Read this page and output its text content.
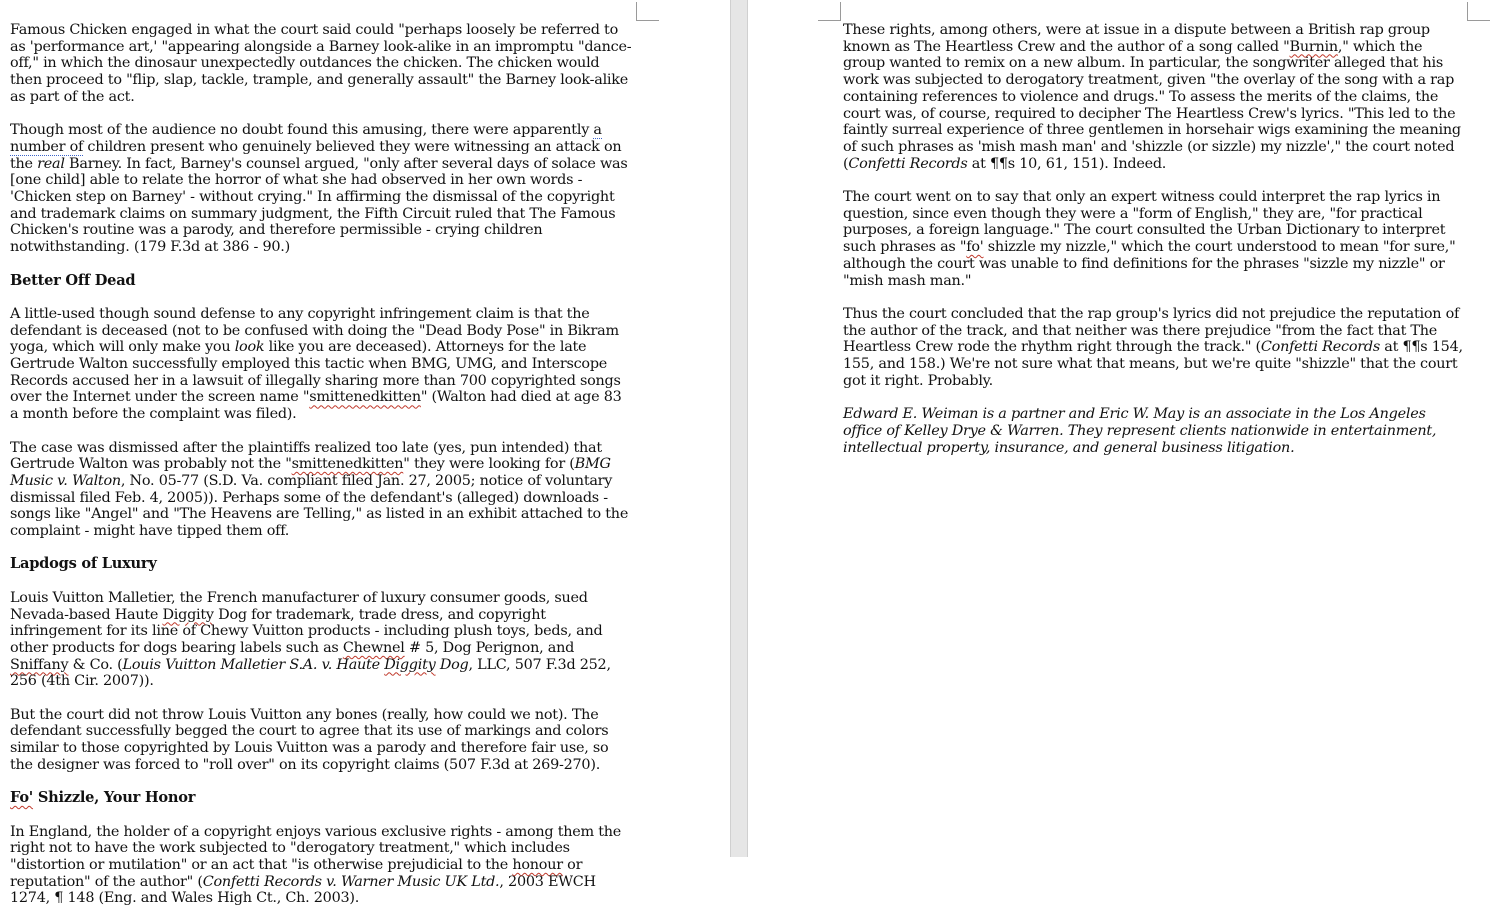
Famous Chicken engaged in what the court said could "perhaps loosely be referred to as 'performance art,' "appearing alongside a Barney look-alike in an impromptu "dance-off," in which the dinosaur unexpectedly outdances the chicken. The chicken would then proceed to "flip, slap, tackle, trample, and generally assault" the Barney look-alike as part of the act.

Though most of the audience no doubt found this amusing, there were apparently a number of children present who genuinely believed they were witnessing an attack on the real Barney. In fact, Barney's counsel argued, "only after several days of solace was [one child] able to relate the horror of what she had observed in her own words - 'Chicken step on Barney' - without crying." In affirming the dismissal of the copyright and trademark claims on summary judgment, the Fifth Circuit ruled that The Famous Chicken's routine was a parody, and therefore permissible - crying children notwithstanding. (179 F.3d at 386 - 90.)

Better Off Dead

A little-used though sound defense to any copyright infringement claim is that the defendant is deceased (not to be confused with doing the "Dead Body Pose" in Bikram yoga, which will only make you look like you are deceased). Attorneys for the late Gertrude Walton successfully employed this tactic when BMG, UMG, and Interscope Records accused her in a lawsuit of illegally sharing more than 700 copyrighted songs over the Internet under the screen name "smittenedkitten" (Walton had died at age 83 a month before the complaint was filed).

The case was dismissed after the plaintiffs realized too late (yes, pun intended) that Gertrude Walton was probably not the "smittenedkitten" they were looking for (BMG Music v. Walton, No. 05-77 (S.D. Va. compliant filed Jan. 27, 2005; notice of voluntary dismissal filed Feb. 4, 2005)). Perhaps some of the defendant's (alleged) downloads - songs like "Angel" and "The Heavens are Telling," as listed in an exhibit attached to the complaint - might have tipped them off.

Lapdogs of Luxury

Louis Vuitton Malletier, the French manufacturer of luxury consumer goods, sued Nevada-based Haute Diggity Dog for trademark, trade dress, and copyright infringement for its line of Chewy Vuitton products - including plush toys, beds, and other products for dogs bearing labels such as Chewnel # 5, Dog Perignon, and Sniffany & Co. (Louis Vuitton Malletier S.A. v. Haute Diggity Dog, LLC, 507 F.3d 252, 256 (4th Cir. 2007)).

But the court did not throw Louis Vuitton any bones (really, how could we not). The defendant successfully begged the court to agree that its use of markings and colors similar to those copyrighted by Louis Vuitton was a parody and therefore fair use, so the designer was forced to "roll over" on its copyright claims (507 F.3d at 269-270).

Fo' Shizzle, Your Honor

In England, the holder of a copyright enjoys various exclusive rights - among them the right not to have the work subjected to "derogatory treatment," which includes "distortion or mutilation" or an act that "is otherwise prejudicial to the honour or reputation" of the author" (Confetti Records v. Warner Music UK Ltd., 2003 EWCH 1274, ¶ 148 (Eng. and Wales High Ct., Ch. 2003).

These rights, among others, were at issue in a dispute between a British rap group known as The Heartless Crew and the author of a song called "Burnin," which the group wanted to remix on a new album. In particular, the songwriter alleged that his work was subjected to derogatory treatment, given "the overlay of the song with a rap containing references to violence and drugs." To assess the merits of the claims, the court was, of course, required to decipher The Heartless Crew's lyrics. "This led to the faintly surreal experience of three gentlemen in horsehair wigs examining the meaning of such phrases as 'mish mash man' and 'shizzle (or sizzle) my nizzle'," the court noted (Confetti Records at ¶¶s 10, 61, 151). Indeed.

The court went on to say that only an expert witness could interpret the rap lyrics in question, since even though they were a "form of English," they are, "for practical purposes, a foreign language." The court consulted the Urban Dictionary to interpret such phrases as "fo' shizzle my nizzle," which the court understood to mean "for sure," although the court was unable to find definitions for the phrases "sizzle my nizzle" or "mish mash man."

Thus the court concluded that the rap group's lyrics did not prejudice the reputation of the author of the track, and that neither was there prejudice "from the fact that The Heartless Crew rode the rhythm right through the track." (Confetti Records at ¶¶s 154, 155, and 158.) We're not sure what that means, but we're quite "shizzle" that the court got it right. Probably.

Edward E. Weiman is a partner and Eric W. May is an associate in the Los Angeles office of Kelley Drye & Warren. They represent clients nationwide in entertainment, intellectual property, insurance, and general business litigation.
